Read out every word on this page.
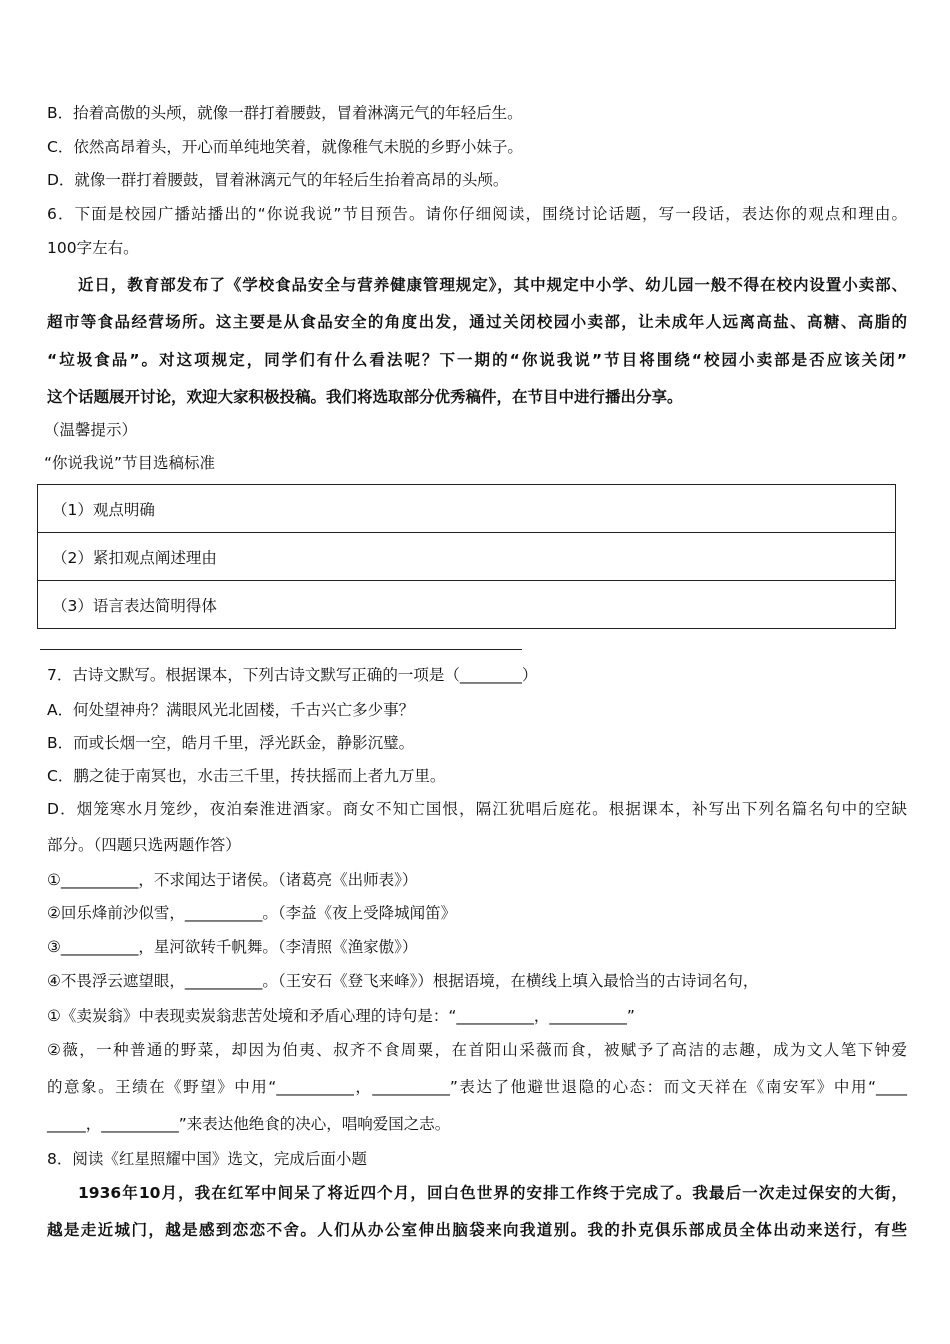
B．抬着高傲的头颅，就像一群打着腰鼓，冒着淋漓元气的年轻后生。
C．依然高昂着头，开心而单纯地笑着，就像稚气未脱的乡野小妹子。
D．就像一群打着腰鼓，冒着淋漓元气的年轻后生抬着高昂的头颅。
6．下面是校园广播站播出的“你说我说”节目预告。请你仔细阅读，围绕讨论话题，写一段话，表达你的观点和理由。
100字左右。
近日，教育部发布了《学校食品安全与营养健康管理规定》，其中规定中小学、幼儿园一般不得在校内设置小卖部、
超市等食品经营场所。这主要是从食品安全的角度出发，通过关闭校园小卖部，让未成年人远离高盐、高糖、高脂的
“垃圾食品”。对这项规定，同学们有什么看法呢？下一期的“你说我说”节目将围绕“校园小卖部是否应该关闭”
这个话题展开讨论，欢迎大家积极投稿。我们将选取部分优秀稿件，在节目中进行播出分享。
（温馨提示）
“你说我说”节目选稿标准
（1）观点明确
（2）紧扣观点阐述理由
（3）语言表达简明得体
7．古诗文默写。根据课本，下列古诗文默写正确的一项是（________）
A．何处望神舟？满眼风光北固楼，千古兴亡多少事？
B．而或长烟一空，皓月千里，浮光跃金，静影沉璧。
C．鹏之徒于南冥也，水击三千里，抟扶摇而上者九万里。
D．烟笼寒水月笼纱，夜泊秦淮进酒家。商女不知亡国恨，隔江犹唱后庭花。根据课本，补写出下列名篇名句中的空缺
部分。（四题只选两题作答）
①__________，不求闻达于诸侯。（诸葛亮《出师表》）
②回乐烽前沙似雪，__________。（李益《夜上受降城闻笛》
③__________，星河欲转千帆舞。（李清照《渔家傲》）
④不畏浮云遮望眼，__________。（王安石《登飞来峰》）根据语境，在横线上填入最恰当的古诗词名句，
①《卖炭翁》中表现卖炭翁悲苦处境和矛盾心理的诗句是：“__________，__________”
②薇，一种普通的野菜，却因为伯夷、叔齐不食周粟，在首阳山采薇而食，被赋予了高洁的志趣，成为文人笔下钟爱
的意象。王绩在《野望》中用“__________，__________”表达了他避世退隐的心态：而文天祥在《南安军》中用“____
_____，__________”来表达他绝食的决心，唱响爱国之志。
8．阅读《红星照耀中国》选文，完成后面小题
1936年10月，我在红军中间呆了将近四个月，回白色世界的安排工作终于完成了。我最后一次走过保安的大街，
越是走近城门，越是感到恋恋不舍。人们从办公室伸出脑袋来向我道别。我的扑克俱乐部成员全体出动来送行，有些
